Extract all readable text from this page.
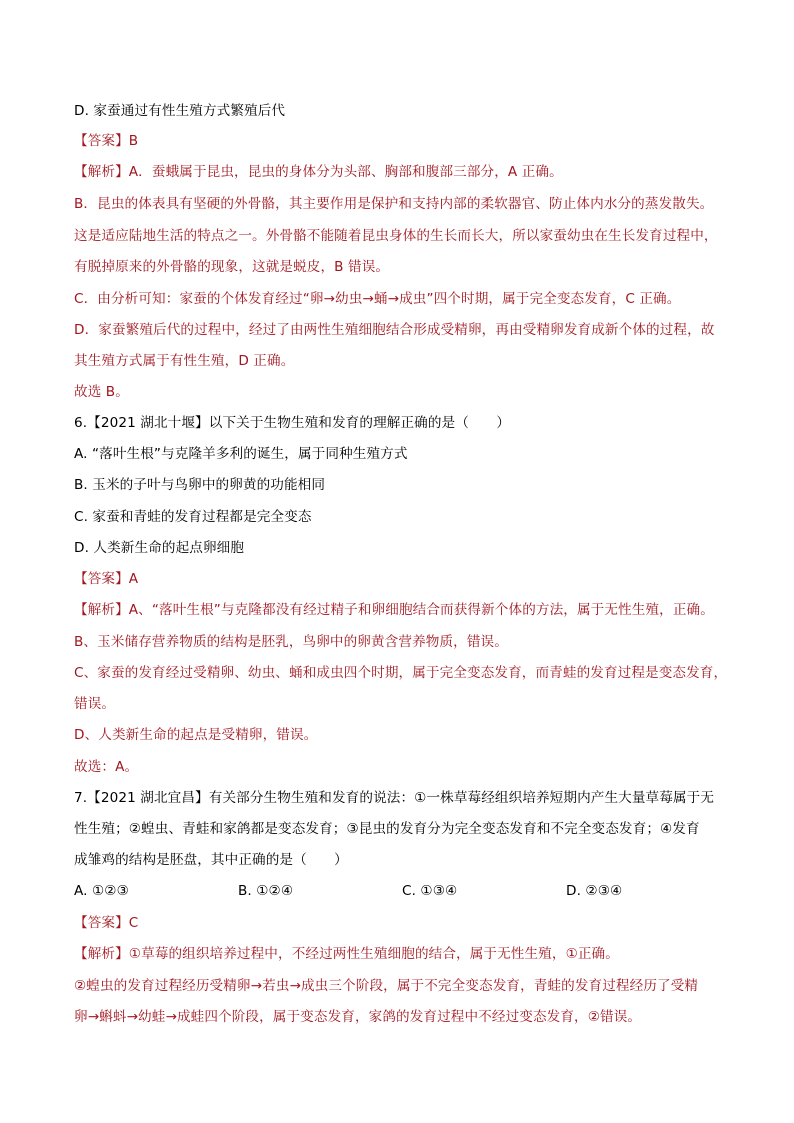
D. 家蚕通过有性生殖方式繁殖后代
【答案】B
【解析】A．蚕蛾属于昆虫，昆虫的身体分为头部、胸部和腹部三部分，A 正确。
B．昆虫的体表具有坚硬的外骨骼，其主要作用是保护和支持内部的柔软器官、防止体内水分的蒸发散失。
这是适应陆地生活的特点之一。外骨骼不能随着昆虫身体的生长而长大，所以家蚕幼虫在生长发育过程中，
有脱掉原来的外骨骼的现象，这就是蜕皮，B 错误。
C．由分析可知：家蚕的个体发育经过“卵→幼虫→蛹→成虫”四个时期，属于完全变态发育，C 正确。
D．家蚕繁殖后代的过程中，经过了由两性生殖细胞结合形成受精卵，再由受精卵发育成新个体的过程，故
其生殖方式属于有性生殖，D 正确。
故选 B。
6.【2021 湖北十堰】以下关于生物生殖和发育的理解正确的是（　　）
A. “落叶生根”与克隆羊多利的诞生，属于同种生殖方式
B. 玉米的子叶与鸟卵中的卵黄的功能相同
C. 家蚕和青蛙的发育过程都是完全变态
D. 人类新生命的起点卵细胞
【答案】A
【解析】A、“落叶生根”与克隆都没有经过精子和卵细胞结合而获得新个体的方法，属于无性生殖，正确。
B、玉米储存营养物质的结构是胚乳，鸟卵中的卵黄含营养物质，错误。
C、家蚕的发育经过受精卵、幼虫、蛹和成虫四个时期，属于完全变态发育，而青蛙的发育过程是变态发育，
错误。
D、人类新生命的起点是受精卵，错误。
故选：A。
7.【2021 湖北宜昌】有关部分生物生殖和发育的说法：①一株草莓经组织培养短期内产生大量草莓属于无
性生殖；②蝗虫、青蛙和家鸽都是变态发育；③昆虫的发育分为完全变态发育和不完全变态发育；④发育
成雏鸡的结构是胚盘，其中正确的是（　　）
A. ①②③	B. ①②④	C. ①③④	D. ②③④
【答案】C
【解析】①草莓的组织培养过程中，不经过两性生殖细胞的结合，属于无性生殖，①正确。
②蝗虫的发育过程经历受精卵→若虫→成虫三个阶段，属于不完全变态发育，青蛙的发育过程经历了受精
卵→蝌蚪→幼蛙→成蛙四个阶段，属于变态发育，家鸽的发育过程中不经过变态发育，②错误。
